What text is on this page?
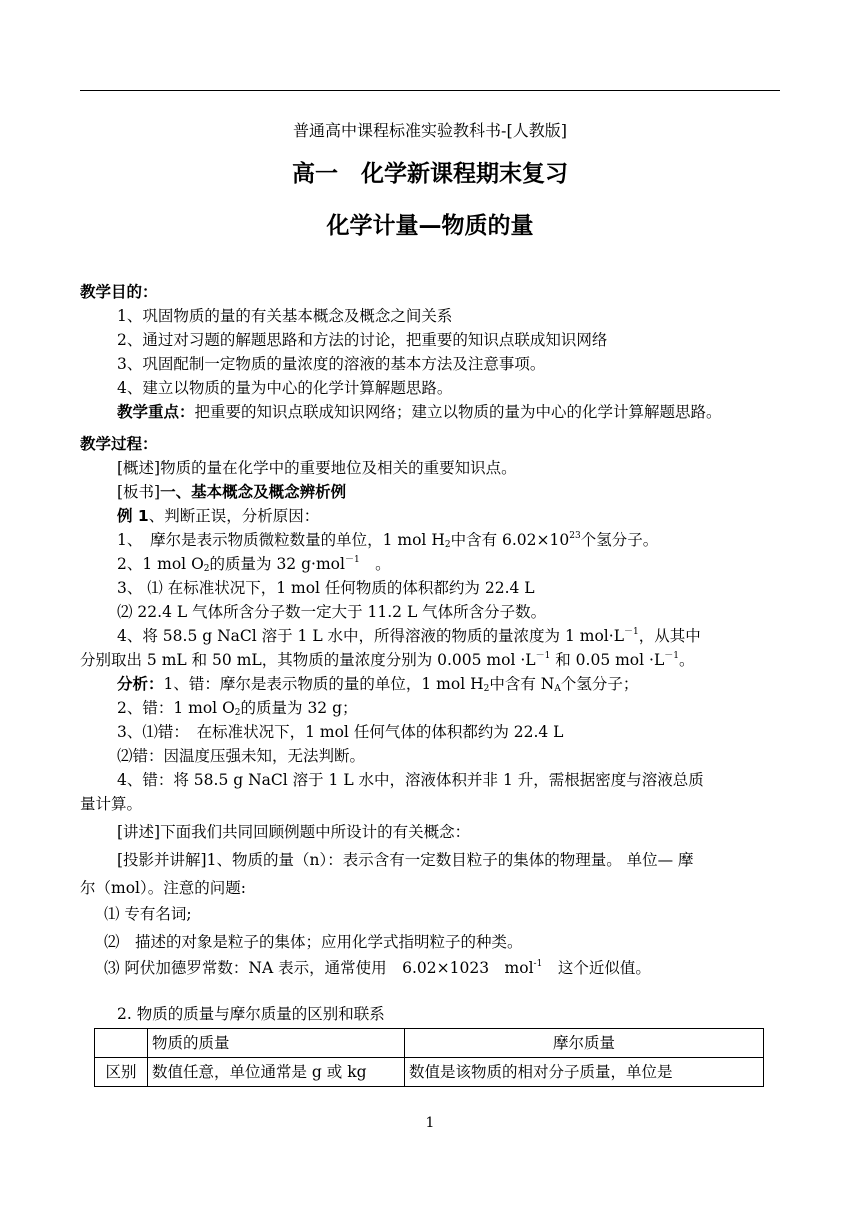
普通高中课程标准实验教科书-[人教版]
高一　化学新课程期末复习
化学计量—物质的量
教学目的：
1、巩固物质的量的有关基本概念及概念之间关系
2、通过对习题的解题思路和方法的讨论，把重要的知识点联成知识网络
3、巩固配制一定物质的量浓度的溶液的基本方法及注意事项。
4、建立以物质的量为中心的化学计算解题思路。
教学重点：把重要的知识点联成知识网络；建立以物质的量为中心的化学计算解题思路。
教学过程：
[概述]物质的量在化学中的重要地位及相关的重要知识点。
[板书]一、基本概念及概念辨析例
例 1、判断正误，分析原因：
1、　摩尔是表示物质微粒数量的单位，1 mol $H_2$中含有 $6.02\times 10^{23}$个氢分子。
2、1 mol $O_2$的质量为 32 g·mol$^{-1}$　。
3、 ⑴ 在标准状况下，1 mol 任何物质的体积都约为 22.4 L
⑵ 22.4 L 气体所含分子数一定大于 11.2 L 气体所含分子数。
4、将 58.5 g NaCl 溶于 1 L 水中，所得溶液的物质的量浓度为 1 $mol\cdot L^{-1}$，从其中
分别取出 5 mL 和 50 mL，其物质的量浓度分别为 0.005 mol $\cdot L^{-1}$ 和 0.05 mol $\cdot L^{-1}$。
分析：1、错：摩尔是表示物质的量的单位，1 mol $H_2$中含有 $N_A$个氢分子；
2、错：1 mol $O_2$的质量为 32 g；
3、⑴错：　在标准状况下，1 mol 任何气体的体积都约为 22.4 L
⑵错：因温度压强未知，无法判断。
4、错：将 58.5 g NaCl 溶于 1 L 水中，溶液体积并非 1 升，需根据密度与溶液总质
量计算。
[讲述]下面我们共同回顾例题中所设计的有关概念：
[投影并讲解]1、物质的量（n）：表示含有一定数目粒子的集体的物理量。 单位— 摩
尔（mol）。注意的问题:
⑴ 专有名词;
⑵　描述的对象是粒子的集体；应用化学式指明粒子的种类。
⑶ 阿伏加德罗常数：NA 表示，通常使用　6.02×1023　mol$^{-1}$　这个近似值。
2. 物质的质量与摩尔质量的区别和联系
	物质的质量	摩尔质量
区别	数值任意，单位通常是 g 或 kg	数值是该物质的相对分子质量，单位是
1
